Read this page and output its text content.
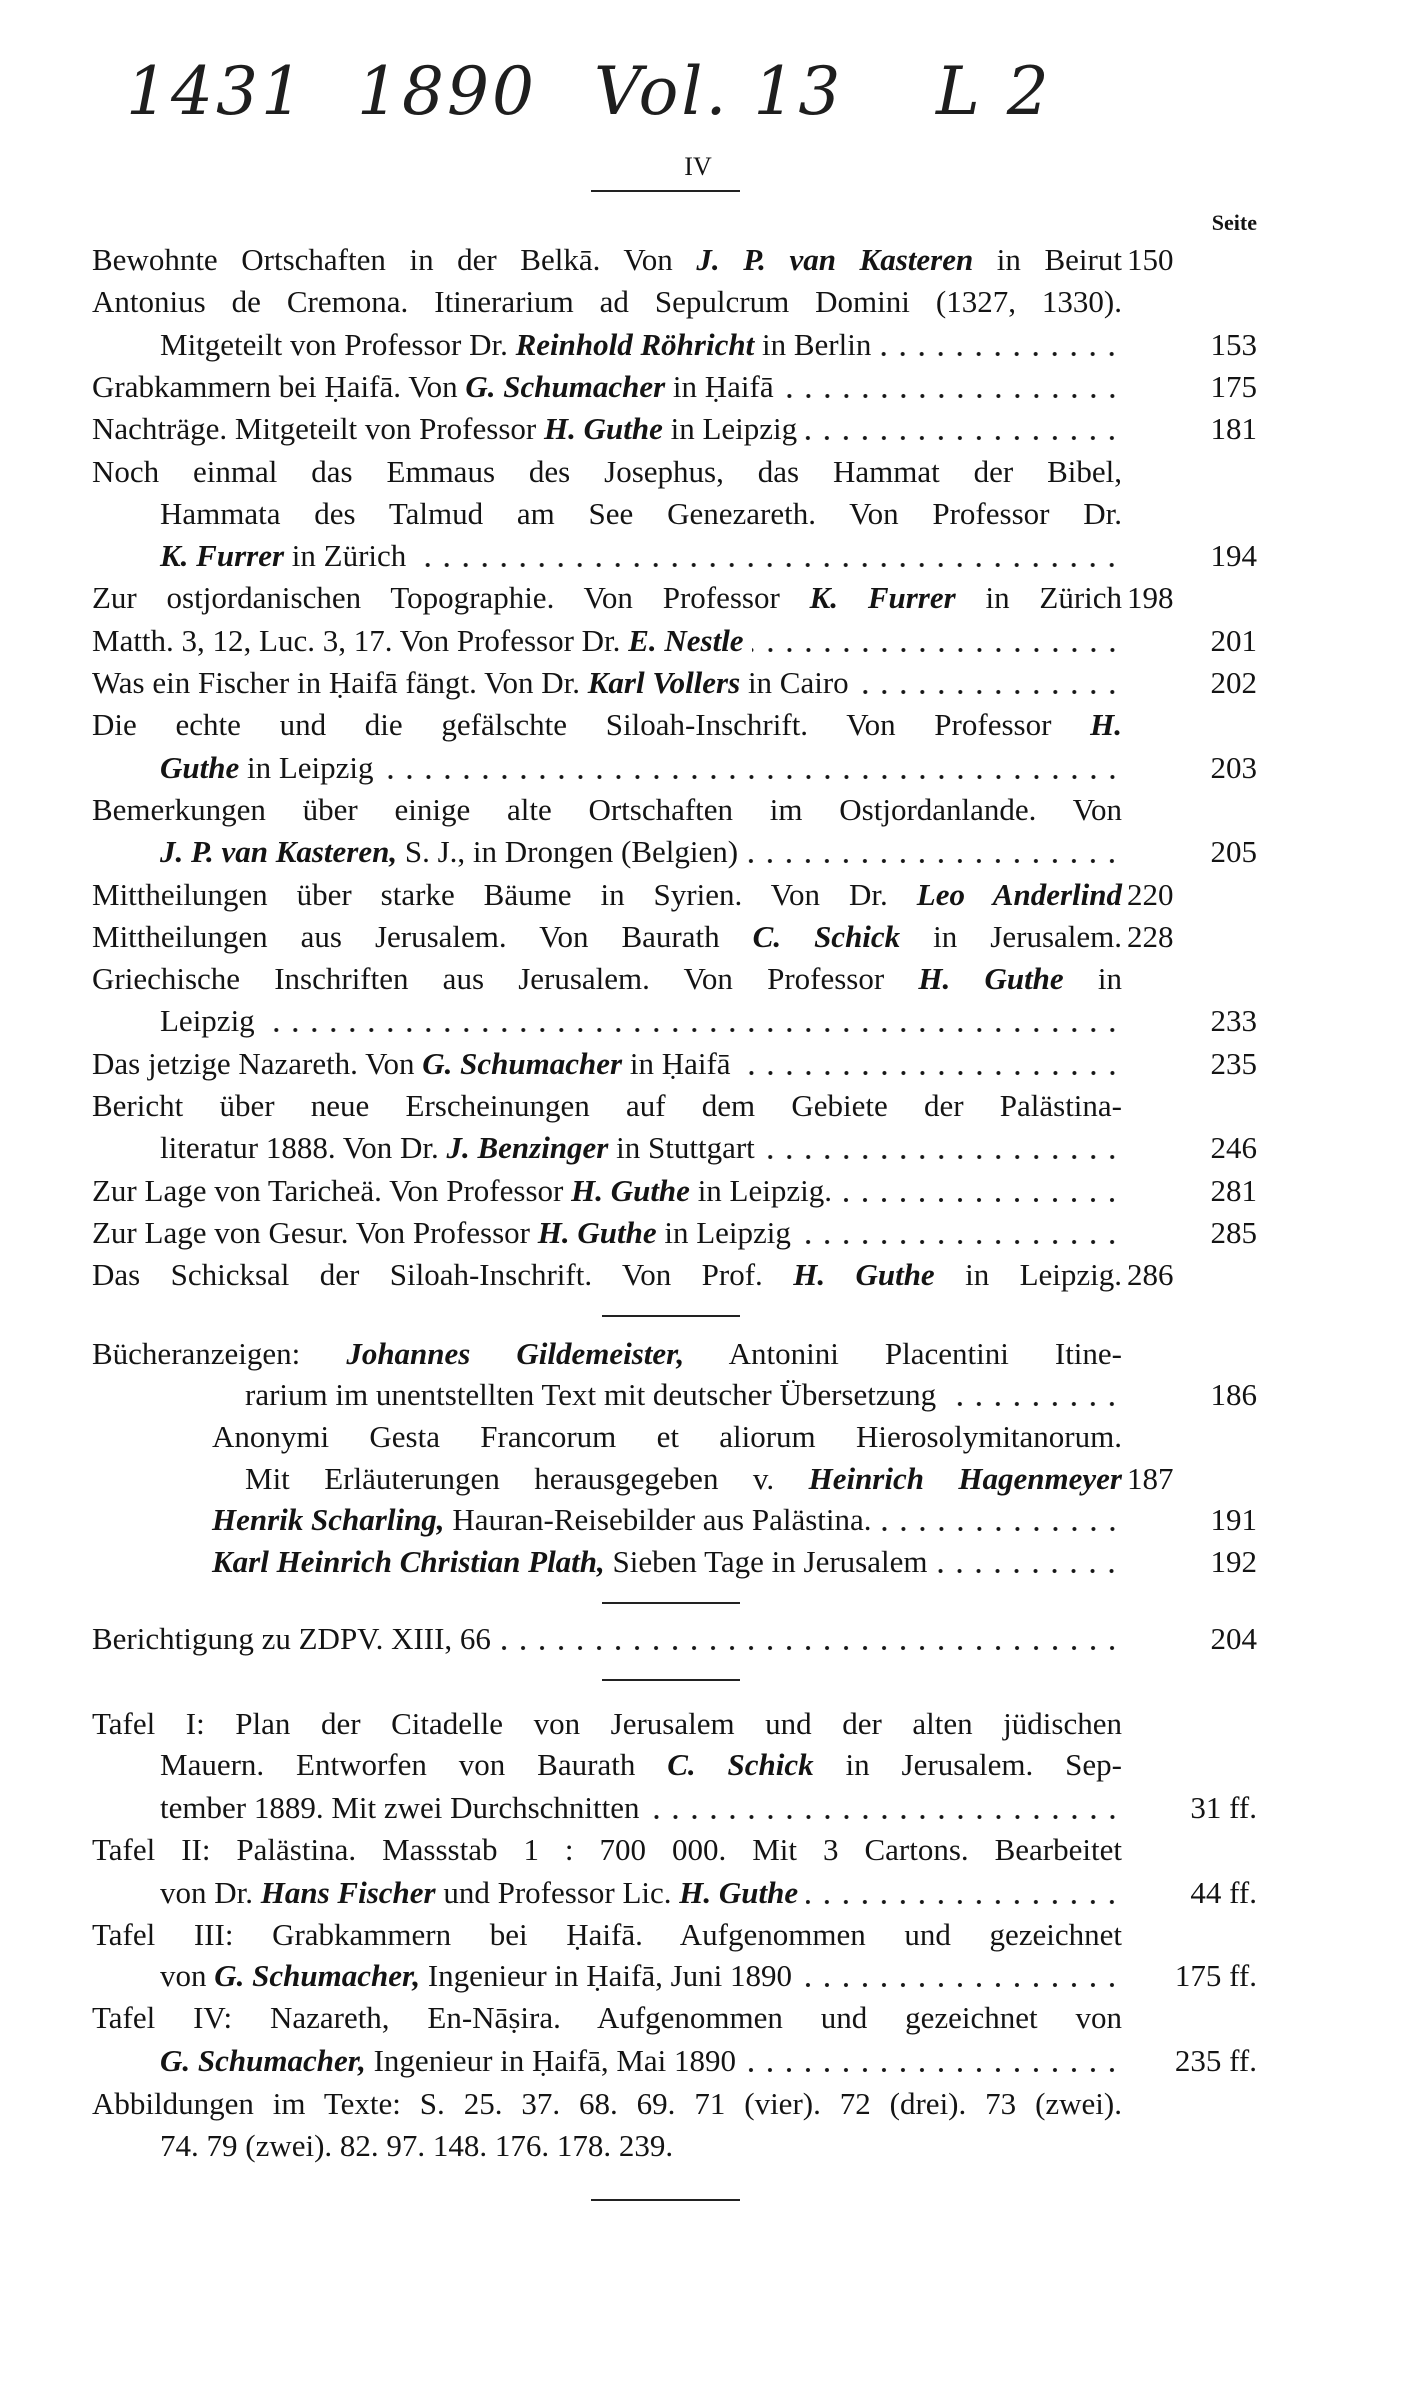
1431 1890 Vol. 13 L 2
IV
Seite
150
Bewohnte Ortschaften in der Belkā. Von J. P. van Kasteren in Beirut
Antonius de Cremona. Itinerarium ad Sepulcrum Domini (1327, 1330).
153
Mitgeteilt von Professor Dr. Reinhold Röhricht in Berlin
175
Grabkammern bei Ḥaifā. Von G. Schumacher in Ḥaifā
181
Nachträge. Mitgeteilt von Professor H. Guthe in Leipzig
Noch einmal das Emmaus des Josephus, das Hammat der Bibel,
Hammata des Talmud am See Genezareth. Von Professor Dr.
194
K. Furrer in Zürich
198
Zur ostjordanischen Topographie. Von Professor K. Furrer in Zürich
201
Matth. 3, 12, Luc. 3, 17. Von Professor Dr. E. Nestle
202
Was ein Fischer in Ḥaifā fängt. Von Dr. Karl Vollers in Cairo
Die echte und die gefälschte Siloah-Inschrift. Von Professor H.
203
Guthe in Leipzig
Bemerkungen über einige alte Ortschaften im Ostjordanlande. Von
205
J. P. van Kasteren, S. J., in Drongen (Belgien)
220
Mittheilungen über starke Bäume in Syrien. Von Dr. Leo Anderlind
228
Mittheilungen aus Jerusalem. Von Baurath C. Schick in Jerusalem.
Griechische Inschriften aus Jerusalem. Von Professor H. Guthe in
233
Leipzig
235
Das jetzige Nazareth. Von G. Schumacher in Ḥaifā
Bericht über neue Erscheinungen auf dem Gebiete der Palästina-
246
literatur 1888. Von Dr. J. Benzinger in Stuttgart
281
Zur Lage von Taricheä. Von Professor H. Guthe in Leipzig.
285
Zur Lage von Gesur. Von Professor H. Guthe in Leipzig
286
Das Schicksal der Siloah-Inschrift. Von Prof. H. Guthe in Leipzig.
Bücheranzeigen: Johannes Gildemeister, Antonini Placentini Itine-
186
rarium im unentstellten Text mit deutscher Übersetzung
Anonymi Gesta Francorum et aliorum Hierosolymitanorum.
187
Mit Erläuterungen herausgegeben v. Heinrich Hagenmeyer
191
Henrik Scharling, Hauran-Reisebilder aus Palästina.
192
Karl Heinrich Christian Plath, Sieben Tage in Jerusalem
204
Berichtigung zu ZDPV. XIII, 66
Tafel I: Plan der Citadelle von Jerusalem und der alten jüdischen
Mauern. Entworfen von Baurath C. Schick in Jerusalem. Sep-
31 ff.
tember 1889. Mit zwei Durchschnitten
Tafel II: Palästina. Massstab 1 : 700 000. Mit 3 Cartons. Bearbeitet
44 ff.
von Dr. Hans Fischer und Professor Lic. H. Guthe
Tafel III: Grabkammern bei Ḥaifā. Aufgenommen und gezeichnet
175 ff.
von G. Schumacher, Ingenieur in Ḥaifā, Juni 1890
Tafel IV: Nazareth, En-Nāṣira. Aufgenommen und gezeichnet von
235 ff.
G. Schumacher, Ingenieur in Ḥaifā, Mai 1890
Abbildungen im Texte: S. 25. 37. 68. 69. 71 (vier). 72 (drei). 73 (zwei).
74. 79 (zwei). 82. 97. 148. 176. 178. 239.
